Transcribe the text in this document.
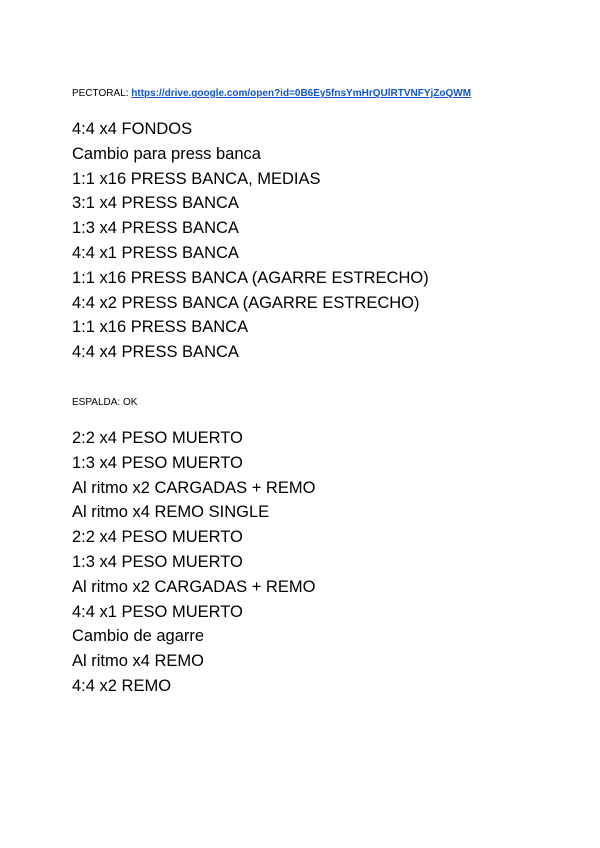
PECTORAL: https://drive.google.com/open?id=0B6Ey5fnsYmHrQUlRTVNFYjZoQWM
4:4 x4 FONDOS
Cambio para press banca
1:1 x16 PRESS BANCA, MEDIAS
3:1 x4 PRESS BANCA
1:3 x4 PRESS BANCA
4:4 x1 PRESS BANCA
1:1 x16 PRESS BANCA (AGARRE ESTRECHO)
4:4 x2 PRESS BANCA (AGARRE ESTRECHO)
1:1 x16 PRESS BANCA
4:4 x4 PRESS BANCA
ESPALDA: OK
2:2 x4 PESO MUERTO
1:3 x4 PESO MUERTO
Al ritmo x2 CARGADAS + REMO
Al ritmo x4 REMO SINGLE
2:2 x4 PESO MUERTO
1:3 x4 PESO MUERTO
Al ritmo x2 CARGADAS + REMO
4:4 x1 PESO MUERTO
Cambio de agarre
Al ritmo x4 REMO
4:4 x2 REMO
